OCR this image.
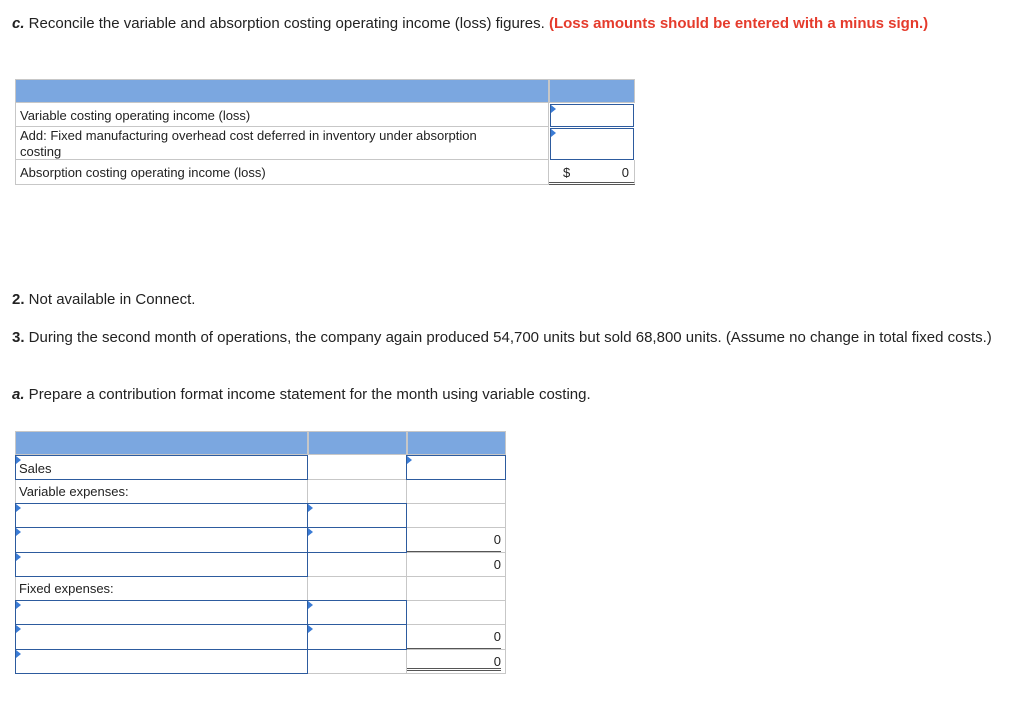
c. Reconcile the variable and absorption costing operating income (loss) figures. (Loss amounts should be entered with a minus sign.)
Variable costing operating income (loss)
Add: Fixed manufacturing overhead cost deferred in inventory under absorption costing
Absorption costing operating income (loss)	$	0
2. Not available in Connect.
3. During the second month of operations, the company again produced 54,700 units but sold 68,800 units. (Assume no change in total fixed costs.)
a. Prepare a contribution format income statement for the month using variable costing.
Sales
Variable expenses:
0
0
Fixed expenses:
0
0
